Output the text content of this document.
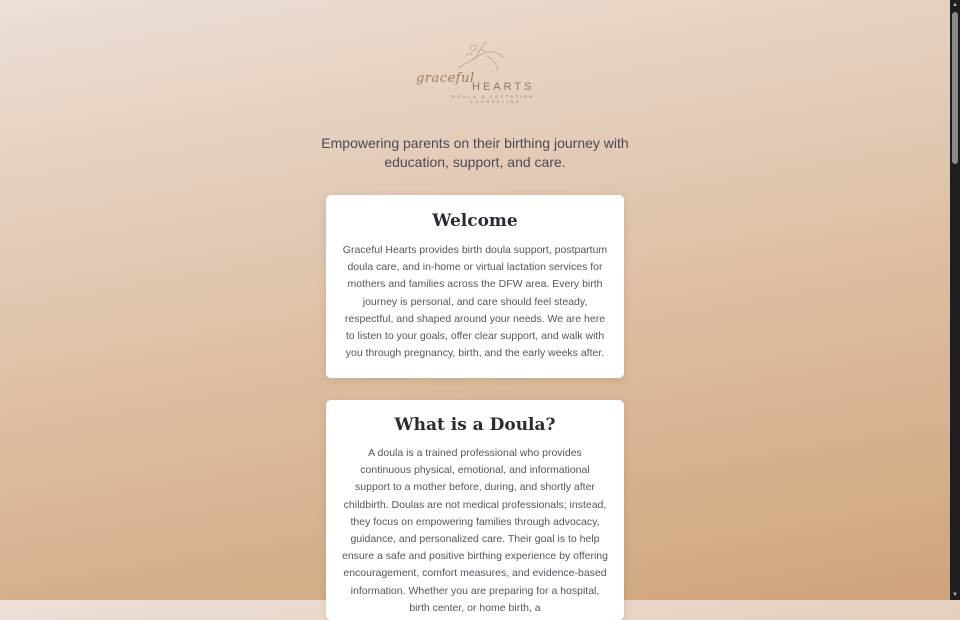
graceful
HEARTS
DOULA & LACTATION
COUNSELING
Empowering parents on their birthing journey with education, support, and care.
Welcome

Graceful Hearts provides birth doula support, postpartum doula care, and in-home or virtual lactation services for mothers and families across the DFW area. Every birth journey is personal, and care should feel steady, respectful, and shaped around your needs. We are here to listen to your goals, offer clear support, and walk with you through pregnancy, birth, and the early weeks after.

What is a Doula?

A doula is a trained professional who provides continuous physical, emotional, and informational support to a mother before, during, and shortly after childbirth. Doulas are not medical professionals; instead, they focus on empowering families through advocacy, guidance, and personalized care. Their goal is to help ensure a safe and positive birthing experience by offering encouragement, comfort measures, and evidence-based information. Whether you are preparing for a hospital, birth center, or home birth, a

▲
▼
